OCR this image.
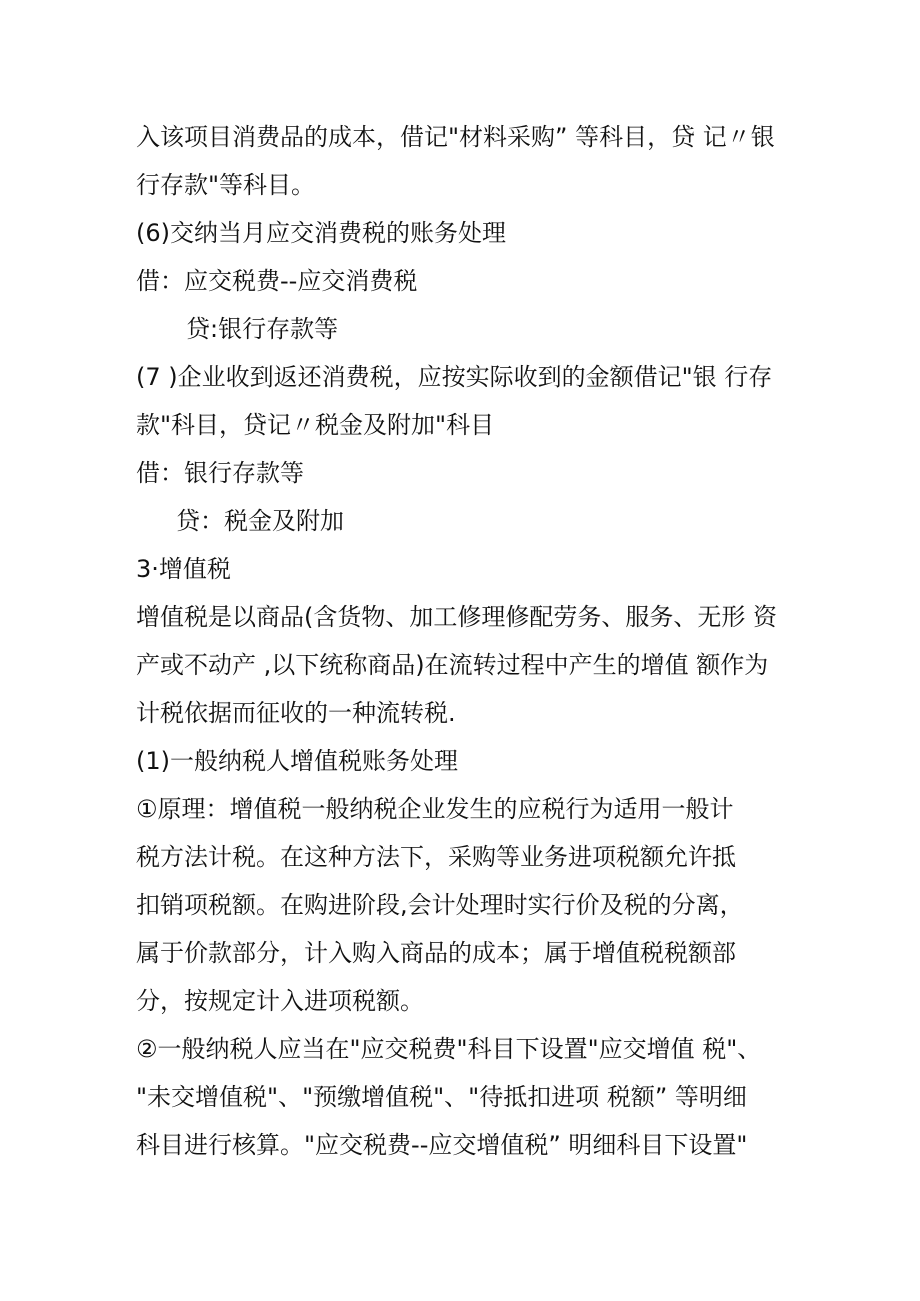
入该项目消费品的成本，借记"材料采购” 等科目，贷 记〃银
行存款"等科目。
(6)交纳当月应交消费税的账务处理
借：应交税费--应交消费税
贷:银行存款等
(7 )企业收到返还消费税，应按实际收到的金额借记"银 行存
款"科目，贷记〃税金及附加"科目
借：银行存款等
贷：税金及附加
3·增值税
增值税是以商品(含货物、加工修理修配劳务、服务、无形 资
产或不动产 ,以下统称商品)在流转过程中产生的增值 额作为
计税依据而征收的一种流转税.
(1)一般纳税人增值税账务处理
①原理：增值税一般纳税企业发生的应税行为适用一般计
税方法计税。在这种方法下，采购等业务进项税额允许抵
扣销项税额。在购进阶段,会计处理时实行价及税的分离，
属于价款部分，计入购入商品的成本；属于增值税税额部
分，按规定计入进项税额。
②一般纳税人应当在"应交税费"科目下设置"应交增值 税"、
"未交增值税"、"预缴增值税"、"待抵扣进项 税额” 等明细
科目进行核算。"应交税费--应交增值税” 明细科目下设置"
